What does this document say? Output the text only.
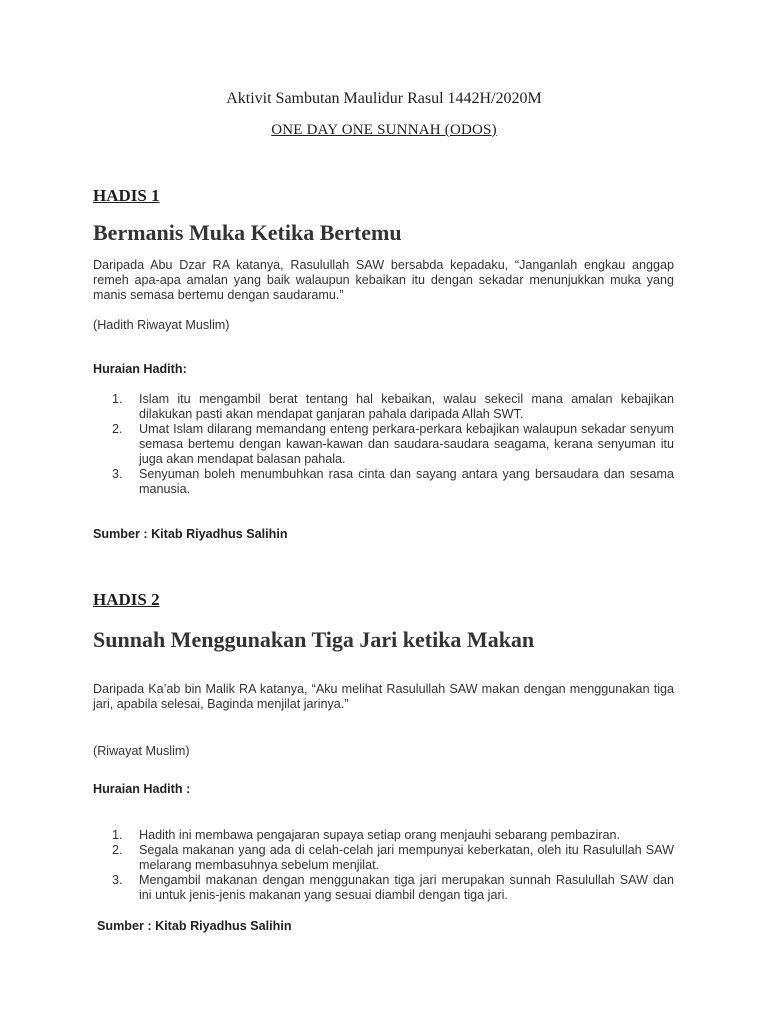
Aktivit Sambutan Maulidur Rasul 1442H/2020M
ONE DAY ONE SUNNAH (ODOS)
HADIS 1
Bermanis Muka Ketika Bertemu
Daripada Abu Dzar RA katanya, Rasulullah SAW bersabda kepadaku, “Janganlah engkau anggap remeh apa-apa amalan yang baik walaupun kebaikan itu dengan sekadar menunjukkan muka yang manis semasa bertemu dengan saudaramu.”
(Hadith Riwayat Muslim)
Huraian Hadith:
1. Islam itu mengambil berat tentang hal kebaikan, walau sekecil mana amalan kebajikan dilakukan pasti akan mendapat ganjaran pahala daripada Allah SWT.
2. Umat Islam dilarang memandang enteng perkara-perkara kebajikan walaupun sekadar senyum semasa bertemu dengan kawan-kawan dan saudara-saudara seagama, kerana senyuman itu juga akan mendapat balasan pahala.
3. Senyuman boleh menumbuhkan rasa cinta dan sayang antara yang bersaudara dan sesama manusia.
Sumber : Kitab Riyadhus Salihin
HADIS 2
Sunnah Menggunakan Tiga Jari ketika Makan
Daripada Ka’ab bin Malik RA katanya, “Aku melihat Rasulullah SAW makan dengan menggunakan tiga jari, apabila selesai, Baginda menjilat jarinya.”
(Riwayat Muslim)
Huraian Hadith :
1. Hadith ini membawa pengajaran supaya setiap orang menjauhi sebarang pembaziran.
2. Segala makanan yang ada di celah-celah jari mempunyai keberkatan, oleh itu Rasulullah SAW melarang membasuhnya sebelum menjilat.
3. Mengambil makanan dengan menggunakan tiga jari merupakan sunnah Rasulullah SAW dan ini untuk jenis-jenis makanan yang sesuai diambil dengan tiga jari.
Sumber : Kitab Riyadhus Salihin
